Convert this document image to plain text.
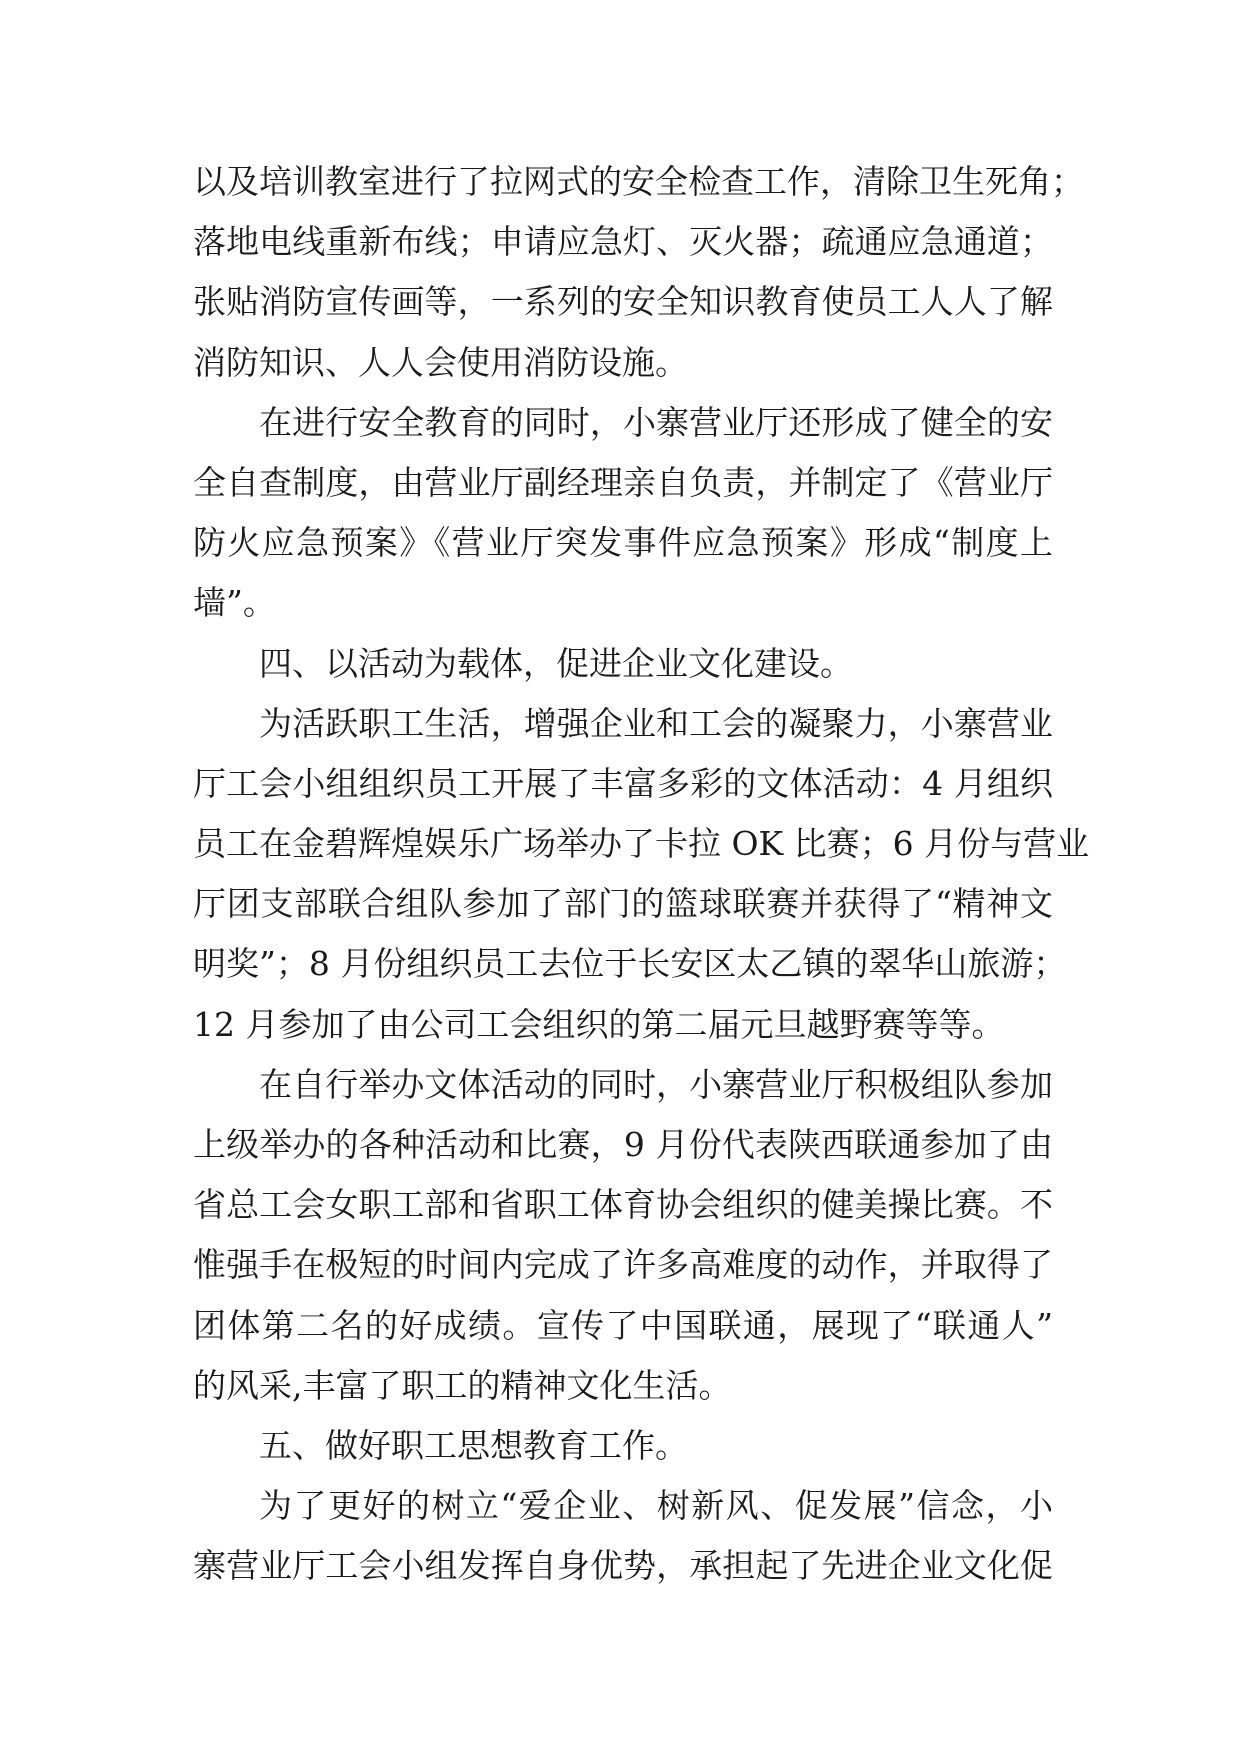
以及培训教室进行了拉网式的安全检查工作，清除卫生死角；
落地电线重新布线；申请应急灯、灭火器；疏通应急通道；
张贴消防宣传画等，一系列的安全知识教育使员工人人了解
消防知识、人人会使用消防设施。
在进行安全教育的同时，小寨营业厅还形成了健全的安
全自查制度，由营业厅副经理亲自负责，并制定了《营业厅
防火应急预案》《营业厅突发事件应急预案》形成“制度上
墙”。
四、以活动为载体，促进企业文化建设。
为活跃职工生活，增强企业和工会的凝聚力，小寨营业
厅工会小组组织员工开展了丰富多彩的文体活动：4 月组织
员工在金碧辉煌娱乐广场举办了卡拉 OK 比赛；6 月份与营业
厅团支部联合组队参加了部门的篮球联赛并获得了“精神文
明奖”；8 月份组织员工去位于长安区太乙镇的翠华山旅游；
12 月参加了由公司工会组织的第二届元旦越野赛等等。
在自行举办文体活动的同时，小寨营业厅积极组队参加
上级举办的各种活动和比赛，9 月份代表陕西联通参加了由
省总工会女职工部和省职工体育协会组织的健美操比赛。不
惟强手在极短的时间内完成了许多高难度的动作，并取得了
团体第二名的好成绩。宣传了中国联通，展现了“联通人”
的风采,丰富了职工的精神文化生活。
五、做好职工思想教育工作。
为了更好的树立“爱企业、树新风、促发展”信念，小
寨营业厅工会小组发挥自身优势，承担起了先进企业文化促
